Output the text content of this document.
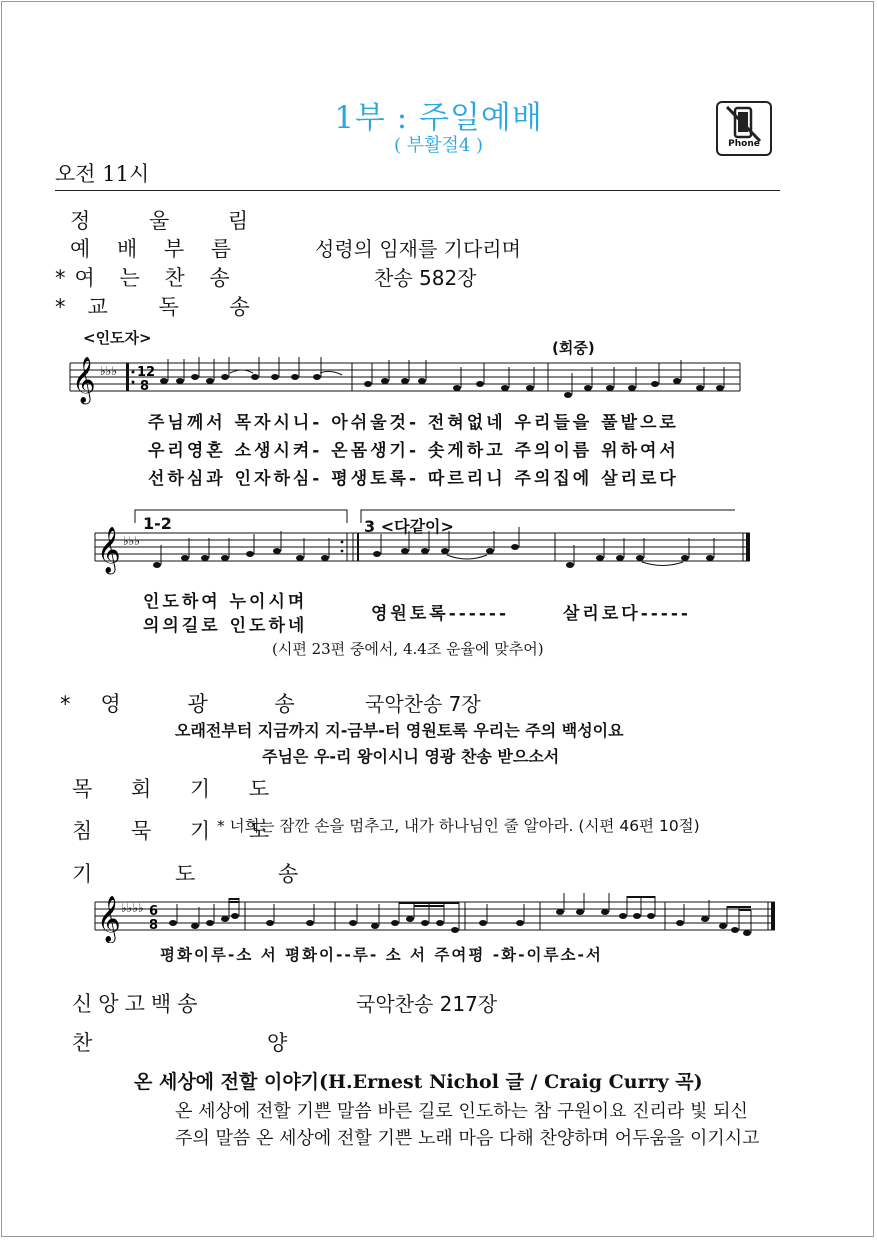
1부 : 주일예배
( 부활절4 )
오전 11시
Phone
정 울 림
예 배 부 름	성령의 임재를 기다리며
*여 는 찬 송	찬송 582장
*교 독 송
<인도자>
(회중)
𝄞 ♭♭♭ 12
8
주님께서 목자시니- 아쉬울것- 전혀없네 우리들을 풀밭으로
우리영혼 소생시켜- 온몸생기- 솟게하고 주의이름 위하여서
선하심과 인자하심- 평생토록- 따르리니 주의집에 살리로다
𝄞 ♭♭♭
1-2	3 <다같이>
인도하여 누이시며
의의길로 인도하네
영원토록------	살리로다-----
(시편 23편 중에서, 4.4조 운율에 맞추어)
*영 광 송 국악찬송 7장
오래전부터 지금까지 지-금부-터 영원토록 우리는 주의 백성이요
주님은 우-리 왕이시니 영광 찬송 받으소서
목 회 기 도
침 묵 기 도
* 너희는 잠깐 손을 멈추고, 내가 하나님인 줄 알아라. (시편 46편 10절)
기 도 송
𝄞 ♭♭♭♭ 6
8
평화이루-소 서 평화이--루- 소 서 주여평 -화-이루소-서
신앙고백송	국악찬송 217장
찬 양
온 세상에 전할 이야기(H.Ernest Nichol 글 / Craig Curry 곡)
온 세상에 전할 기쁜 말씀 바른 길로 인도하는 참 구원이요 진리라 빛 되신
주의 말씀 온 세상에 전할 기쁜 노래 마음 다해 찬양하며 어두움을 이기시고
